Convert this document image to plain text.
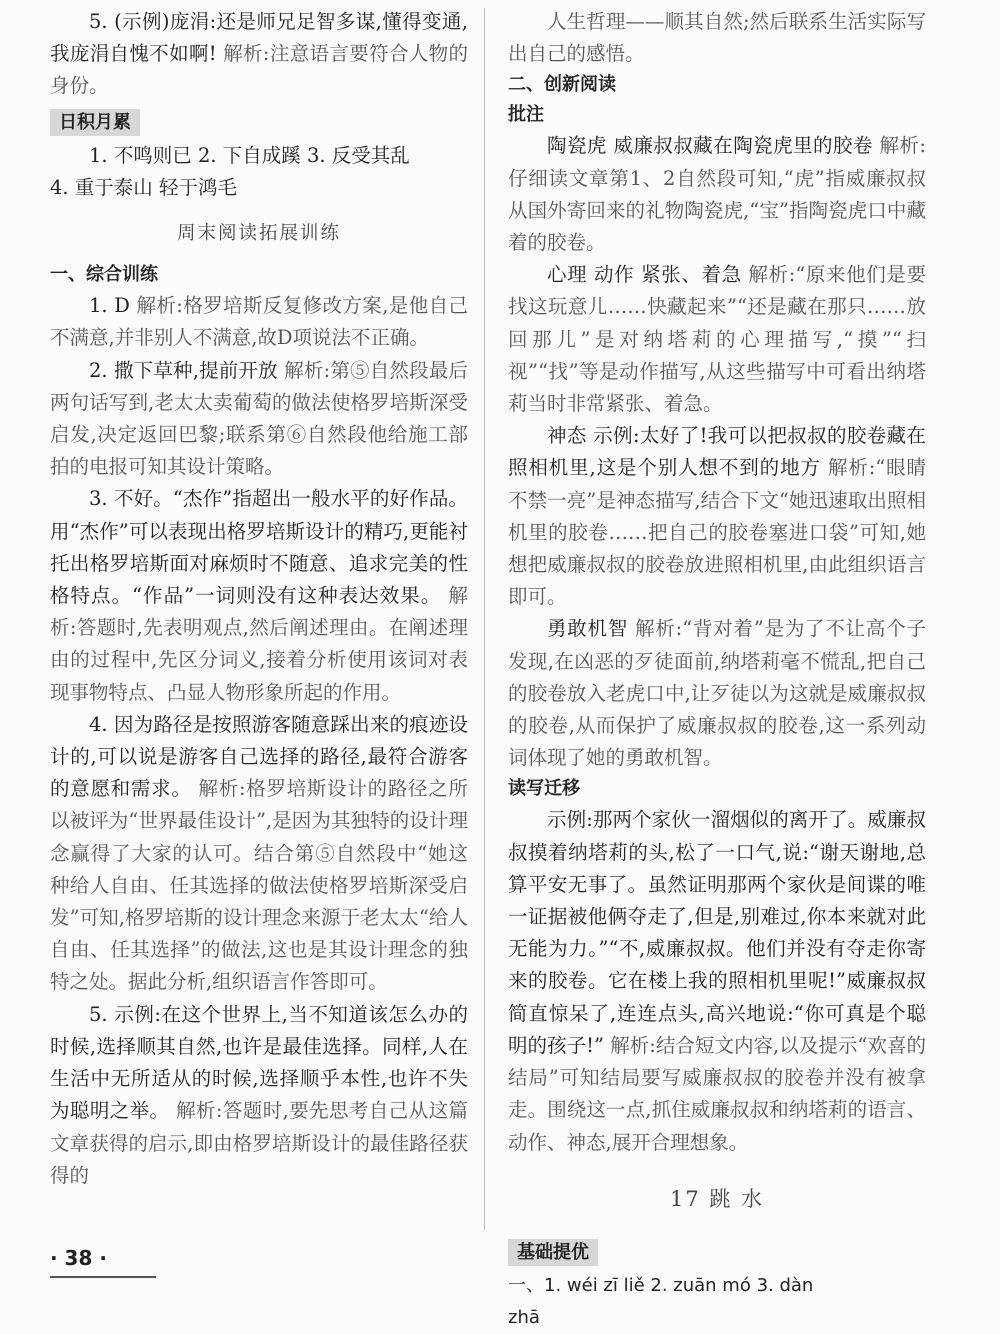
5. (示例)庞涓:还是师兄足智多谋,懂得变通,我庞涓自愧不如啊! 解析:注意语言要符合人物的身份。

日积月累

1. 不鸣则已 2. 下自成蹊 3. 反受其乱

4. 重于泰山 轻于鸿毛

周末阅读拓展训练
一、综合训练

1. D 解析:格罗培斯反复修改方案,是他自己不满意,并非别人不满意,故D项说法不正确。

2. 撒下草种,提前开放 解析:第⑤自然段最后两句话写到,老太太卖葡萄的做法使格罗培斯深受启发,决定返回巴黎;联系第⑥自然段他给施工部拍的电报可知其设计策略。

3. 不好。“杰作”指超出一般水平的好作品。用“杰作”可以表现出格罗培斯设计的精巧,更能衬托出格罗培斯面对麻烦时不随意、追求完美的性格特点。“作品”一词则没有这种表达效果。 解析:答题时,先表明观点,然后阐述理由。在阐述理由的过程中,先区分词义,接着分析使用该词对表现事物特点、凸显人物形象所起的作用。

4. 因为路径是按照游客随意踩出来的痕迹设计的,可以说是游客自己选择的路径,最符合游客的意愿和需求。 解析:格罗培斯设计的路径之所以被评为“世界最佳设计”,是因为其独特的设计理念赢得了大家的认可。结合第⑤自然段中“她这种给人自由、任其选择的做法使格罗培斯深受启发”可知,格罗培斯的设计理念来源于老太太“给人自由、任其选择”的做法,这也是其设计理念的独特之处。据此分析,组织语言作答即可。

5. 示例:在这个世界上,当不知道该怎么办的时候,选择顺其自然,也许是最佳选择。同样,人在生活中无所适从的时候,选择顺乎本性,也许不失为聪明之举。 解析:答题时,要先思考自己从这篇文章获得的启示,即由格罗培斯设计的最佳路径获得的

人生哲理——顺其自然;然后联系生活实际写出自己的感悟。

二、创新阅读
批注

陶瓷虎 威廉叔叔藏在陶瓷虎里的胶卷 解析:仔细读文章第1、2自然段可知,“虎”指威廉叔叔从国外寄回来的礼物陶瓷虎,“宝”指陶瓷虎口中藏着的胶卷。

心理 动作 紧张、着急 解析:“原来他们是要找这玩意儿……快藏起来”“还是藏在那只……放回那儿”是对纳塔莉的心理描写,“摸”“扫视”“找”等是动作描写,从这些描写中可看出纳塔莉当时非常紧张、着急。

神态 示例:太好了!我可以把叔叔的胶卷藏在照相机里,这是个别人想不到的地方 解析:“眼睛不禁一亮”是神态描写,结合下文“她迅速取出照相机里的胶卷……把自己的胶卷塞进口袋”可知,她想把威廉叔叔的胶卷放进照相机里,由此组织语言即可。

勇敢机智 解析:“背对着”是为了不让高个子发现,在凶恶的歹徒面前,纳塔莉毫不慌乱,把自己的胶卷放入老虎口中,让歹徒以为这就是威廉叔叔的胶卷,从而保护了威廉叔叔的胶卷,这一系列动词体现了她的勇敢机智。

读写迁移

示例:那两个家伙一溜烟似的离开了。威廉叔叔摸着纳塔莉的头,松了一口气,说:“谢天谢地,总算平安无事了。虽然证明那两个家伙是间谍的唯一证据被他俩夺走了,但是,别难过,你本来就对此无能为力。”“不,威廉叔叔。他们并没有夺走你寄来的胶卷。它在楼上我的照相机里呢!”威廉叔叔简直惊呆了,连连点头,高兴地说:“你可真是个聪明的孩子!” 解析:结合短文内容,以及提示“欢喜的结局”可知结局要写威廉叔叔的胶卷并没有被拿走。围绕这一点,抓住威廉叔叔和纳塔莉的语言、动作、神态,展开合理想象。

17 跳 水
基础提优

一、1. wéi zī liě 2. zuān mó 3. dàn

zhā

· 38 ·
